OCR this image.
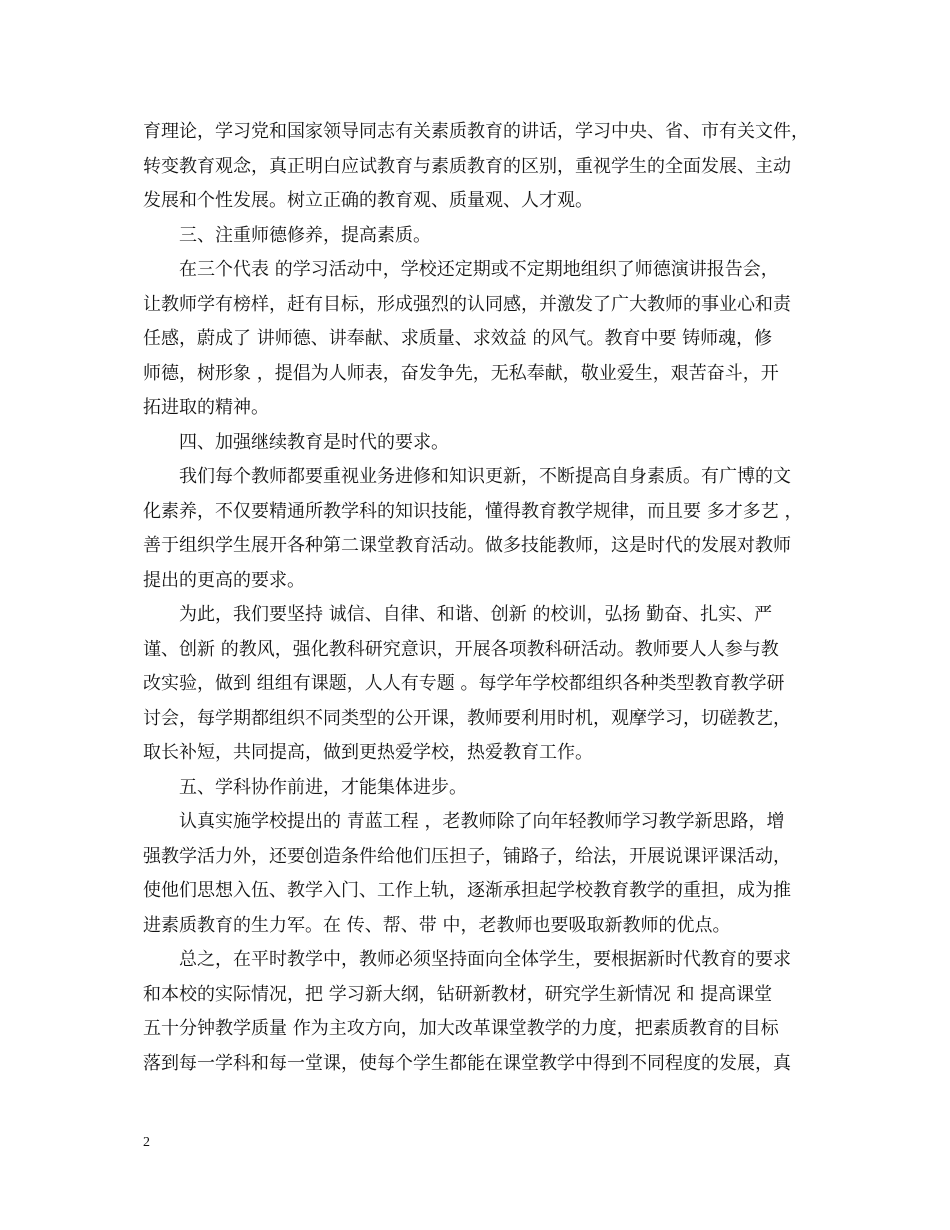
育理论，学习党和国家领导同志有关素质教育的讲话，学习中央、省、市有关文件，
转变教育观念，真正明白应试教育与素质教育的区别，重视学生的全面发展、主动
发展和个性发展。树立正确的教育观、质量观、人才观。
三、注重师德修养，提高素质。
在三个代表 的学习活动中，学校还定期或不定期地组织了师德演讲报告会，
让教师学有榜样，赶有目标，形成强烈的认同感，并激发了广大教师的事业心和责
任感，蔚成了 讲师德、讲奉献、求质量、求效益 的风气。教育中要 铸师魂，修
师德，树形象 ，提倡为人师表，奋发争先，无私奉献，敬业爱生，艰苦奋斗，开
拓进取的精神。
四、加强继续教育是时代的要求。
我们每个教师都要重视业务进修和知识更新，不断提高自身素质。有广博的文
化素养，不仅要精通所教学科的知识技能，懂得教育教学规律，而且要 多才多艺 ，
善于组织学生展开各种第二课堂教育活动。做多技能教师，这是时代的发展对教师
提出的更高的要求。
为此，我们要坚持 诚信、自律、和谐、创新 的校训，弘扬 勤奋、扎实、严
谨、创新 的教风，强化教科研究意识，开展各项教科研活动。教师要人人参与教
改实验，做到 组组有课题，人人有专题 。每学年学校都组织各种类型教育教学研
讨会，每学期都组织不同类型的公开课，教师要利用时机，观摩学习，切磋教艺，
取长补短，共同提高，做到更热爱学校，热爱教育工作。
五、学科协作前进，才能集体进步。
认真实施学校提出的 青蓝工程 ，老教师除了向年轻教师学习教学新思路，增
强教学活力外，还要创造条件给他们压担子，铺路子，给法，开展说课评课活动，
使他们思想入伍、教学入门、工作上轨，逐渐承担起学校教育教学的重担，成为推
进素质教育的生力军。在 传、帮、带 中，老教师也要吸取新教师的优点。
总之，在平时教学中，教师必须坚持面向全体学生，要根据新时代教育的要求
和本校的实际情况，把 学习新大纲，钻研新教材，研究学生新情况 和 提高课堂
五十分钟教学质量 作为主攻方向，加大改革课堂教学的力度，把素质教育的目标
落到每一学科和每一堂课，使每个学生都能在课堂教学中得到不同程度的发展，真
2
